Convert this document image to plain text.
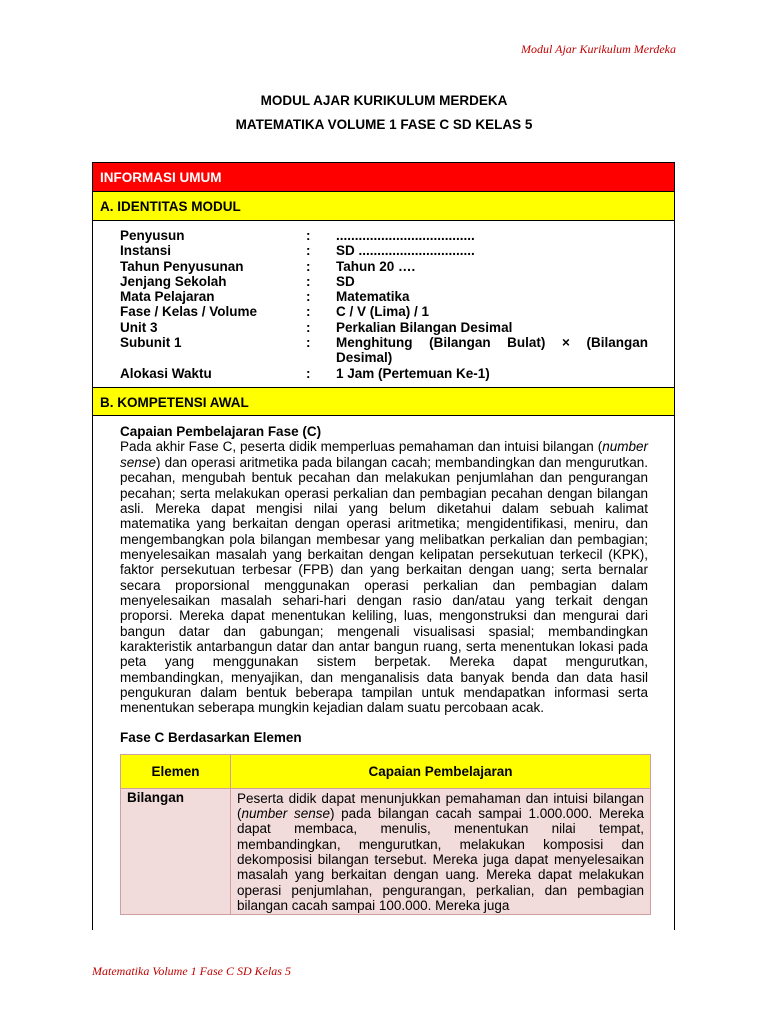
Modul Ajar Kurikulum Merdeka
MODUL AJAR KURIKULUM MERDEKA
MATEMATIKA VOLUME 1 FASE C SD KELAS 5
INFORMASI UMUM
A. IDENTITAS MODUL
Penyusun	:	.....................................
Instansi	:	SD ...............................
Tahun Penyusunan	:	Tahun 20 ….
Jenjang Sekolah	:	SD
Mata Pelajaran	:	Matematika
Fase / Kelas / Volume	:	C / V (Lima) / 1
Unit 3	:	Perkalian Bilangan Desimal
Subunit 1	:	Menghitung (Bilangan Bulat) × (Bilangan Desimal)
Alokasi Waktu	:	1 Jam (Pertemuan Ke-1)
B. KOMPETENSI AWAL
Capaian Pembelajaran Fase (C)
Pada akhir Fase C, peserta didik memperluas pemahaman dan intuisi bilangan (number sense) dan operasi aritmetika pada bilangan cacah; membandingkan dan mengurutkan. pecahan, mengubah bentuk pecahan dan melakukan penjumlahan dan pengurangan pecahan; serta melakukan operasi perkalian dan pembagian pecahan dengan bilangan asli. Mereka dapat mengisi nilai yang belum diketahui dalam sebuah kalimat matematika yang berkaitan dengan operasi aritmetika; mengidentifikasi, meniru, dan mengembangkan pola bilangan membesar yang melibatkan perkalian dan pembagian; menyelesaikan masalah yang berkaitan dengan kelipatan persekutuan terkecil (KPK), faktor persekutuan terbesar (FPB) dan yang berkaitan dengan uang; serta bernalar secara proporsional menggunakan operasi perkalian dan pembagian dalam menyelesaikan masalah sehari-hari dengan rasio dan/atau yang terkait dengan proporsi. Mereka dapat menentukan keliling, luas, mengonstruksi dan mengurai dari bangun datar dan gabungan; mengenali visualisasi spasial; membandingkan karakteristik antarbangun datar dan antar bangun ruang, serta menentukan lokasi pada peta yang menggunakan sistem berpetak. Mereka dapat mengurutkan, membandingkan, menyajikan, dan menganalisis data banyak benda dan data hasil pengukuran dalam bentuk beberapa tampilan untuk mendapatkan informasi serta menentukan seberapa mungkin kejadian dalam suatu percobaan acak.
Fase C Berdasarkan Elemen
Elemen	Capaian Pembelajaran
Bilangan	Peserta didik dapat menunjukkan pemahaman dan intuisi bilangan (number sense) pada bilangan cacah sampai 1.000.000. Mereka dapat membaca, menulis, menentukan nilai tempat, membandingkan, mengurutkan, melakukan komposisi dan dekomposisi bilangan tersebut. Mereka juga dapat menyelesaikan masalah yang berkaitan dengan uang. Mereka dapat melakukan operasi penjumlahan, pengurangan, perkalian, dan pembagian bilangan cacah sampai 100.000. Mereka juga
Matematika Volume 1 Fase C SD Kelas 5
